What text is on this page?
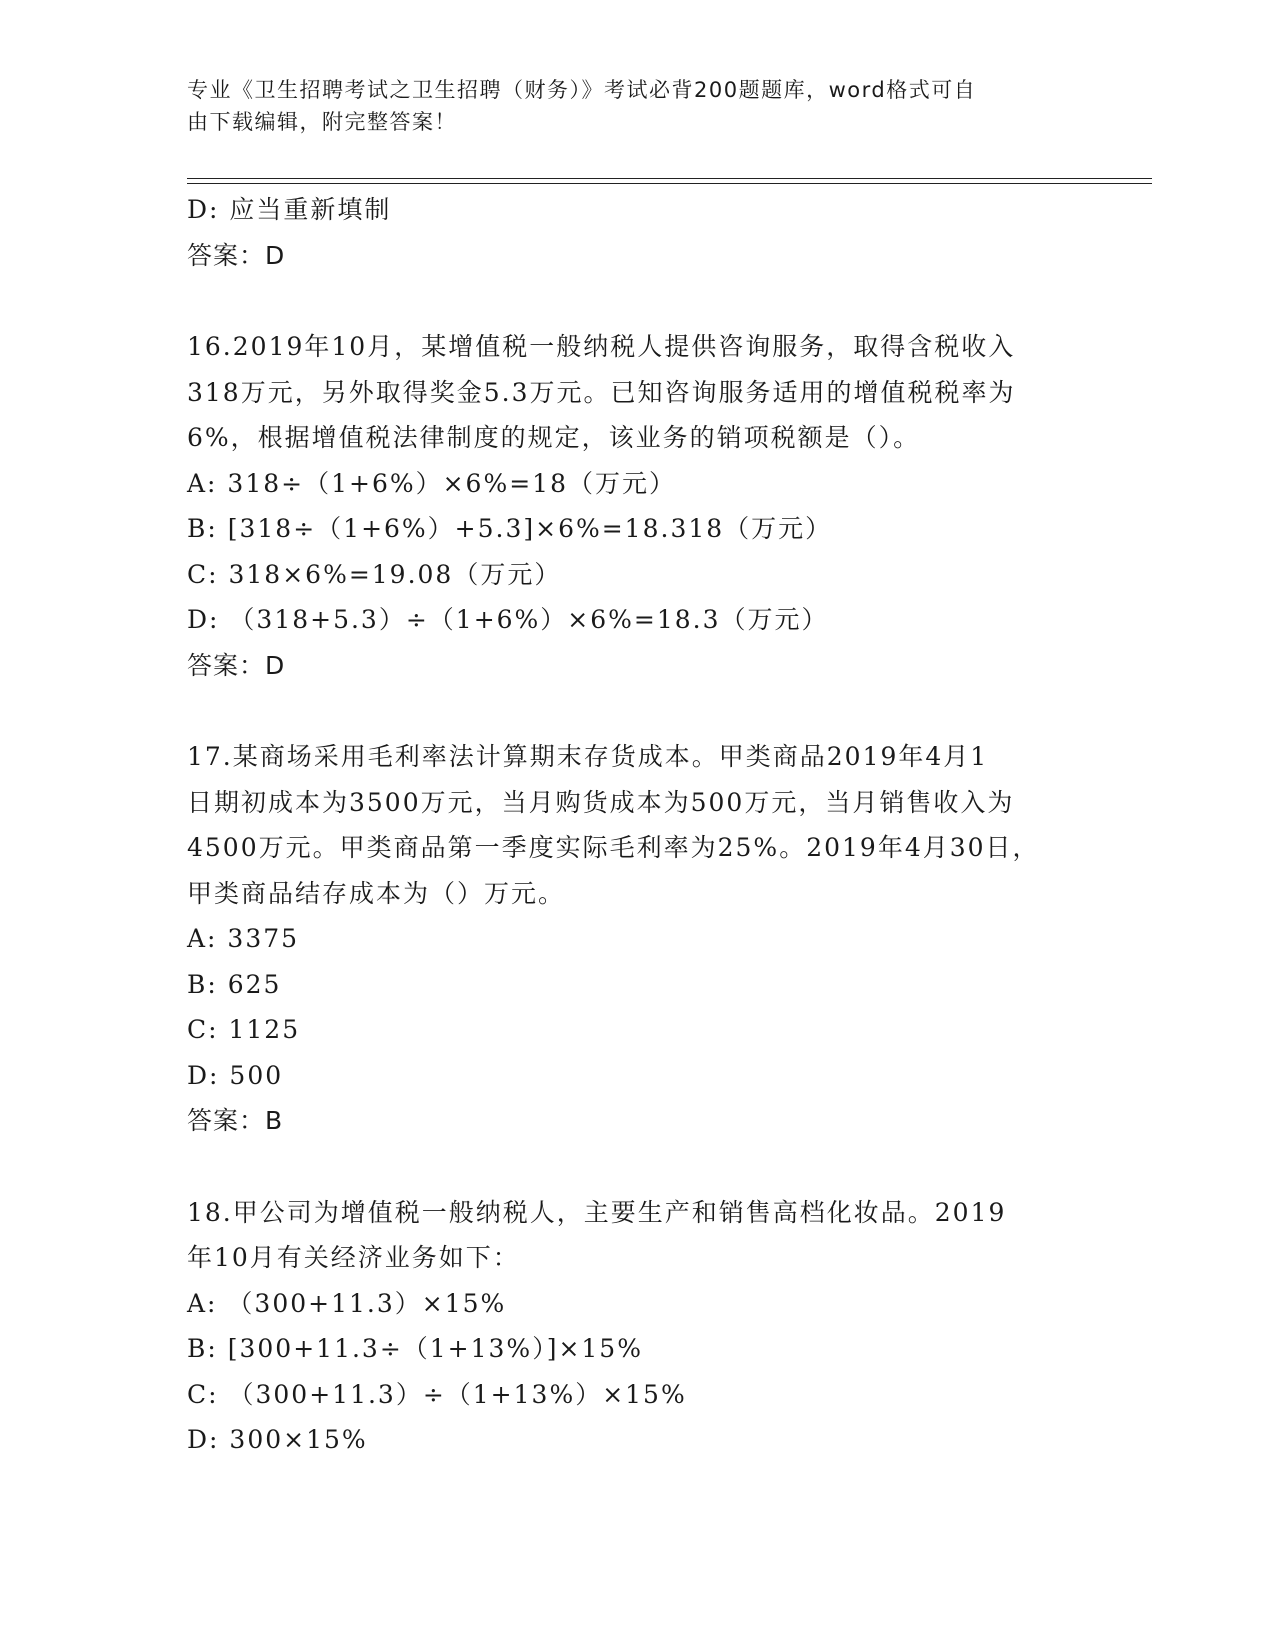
专业《卫生招聘考试之卫生招聘（财务）》考试必背200题题库，word格式可自
由下载编辑，附完整答案！
D: 应当重新填制
答案：D
16.2019年10月，某增值税一般纳税人提供咨询服务，取得含税收入
318万元，另外取得奖金5.3万元。已知咨询服务适用的增值税税率为
6%，根据增值税法律制度的规定，该业务的销项税额是（）。
A: 318÷（1+6%）×6%=18（万元）
B: [318÷（1+6%）+5.3]×6%=18.318（万元）
C: 318×6%=19.08（万元）
D: （318+5.3）÷（1+6%）×6%=18.3（万元）
答案：D
17.某商场采用毛利率法计算期末存货成本。甲类商品2019年4月1
日期初成本为3500万元，当月购货成本为500万元，当月销售收入为
4500万元。甲类商品第一季度实际毛利率为25%。2019年4月30日，
甲类商品结存成本为（）万元。
A: 3375
B: 625
C: 1125
D: 500
答案：B
18.甲公司为增值税一般纳税人，主要生产和销售高档化妆品。2019
年10月有关经济业务如下：
A: （300+11.3）×15%
B: [300+11.3÷（1+13%）]×15%
C: （300+11.3）÷（1+13%）×15%
D: 300×15%
